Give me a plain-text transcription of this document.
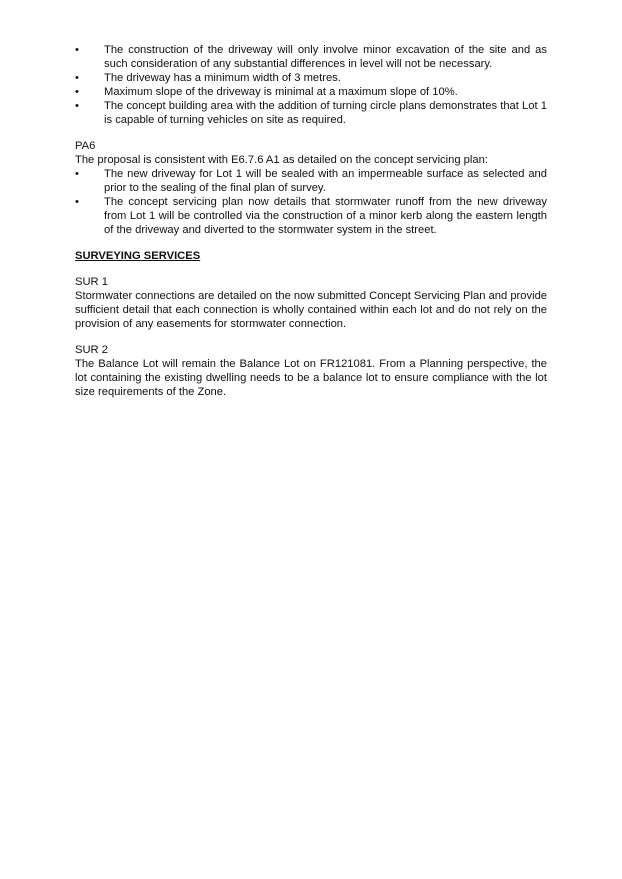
•	The construction of the driveway will only involve minor excavation of the site and as such consideration of any substantial differences in level will not be necessary.
•	The driveway has a minimum width of 3 metres.
•	Maximum slope of the driveway is minimal at a maximum slope of 10%.
•	The concept building area with the addition of turning circle plans demonstrates that Lot 1 is capable of turning vehicles on site as required.

PA6

The proposal is consistent with E6.7.6 A1 as detailed on the concept servicing plan:

•	The new driveway for Lot 1 will be sealed with an impermeable surface as selected and prior to the sealing of the final plan of survey.
•	The concept servicing plan now details that stormwater runoff from the new driveway from Lot 1 will be controlled via the construction of a minor kerb along the eastern length of the driveway and diverted to the stormwater system in the street.

SURVEYING SERVICES

SUR 1

Stormwater connections are detailed on the now submitted Concept Servicing Plan and provide sufficient detail that each connection is wholly contained within each lot and do not rely on the provision of any easements for stormwater connection.

SUR 2

The Balance Lot will remain the Balance Lot on FR121081. From a Planning perspective, the lot containing the existing dwelling needs to be a balance lot to ensure compliance with the lot size requirements of the Zone.
